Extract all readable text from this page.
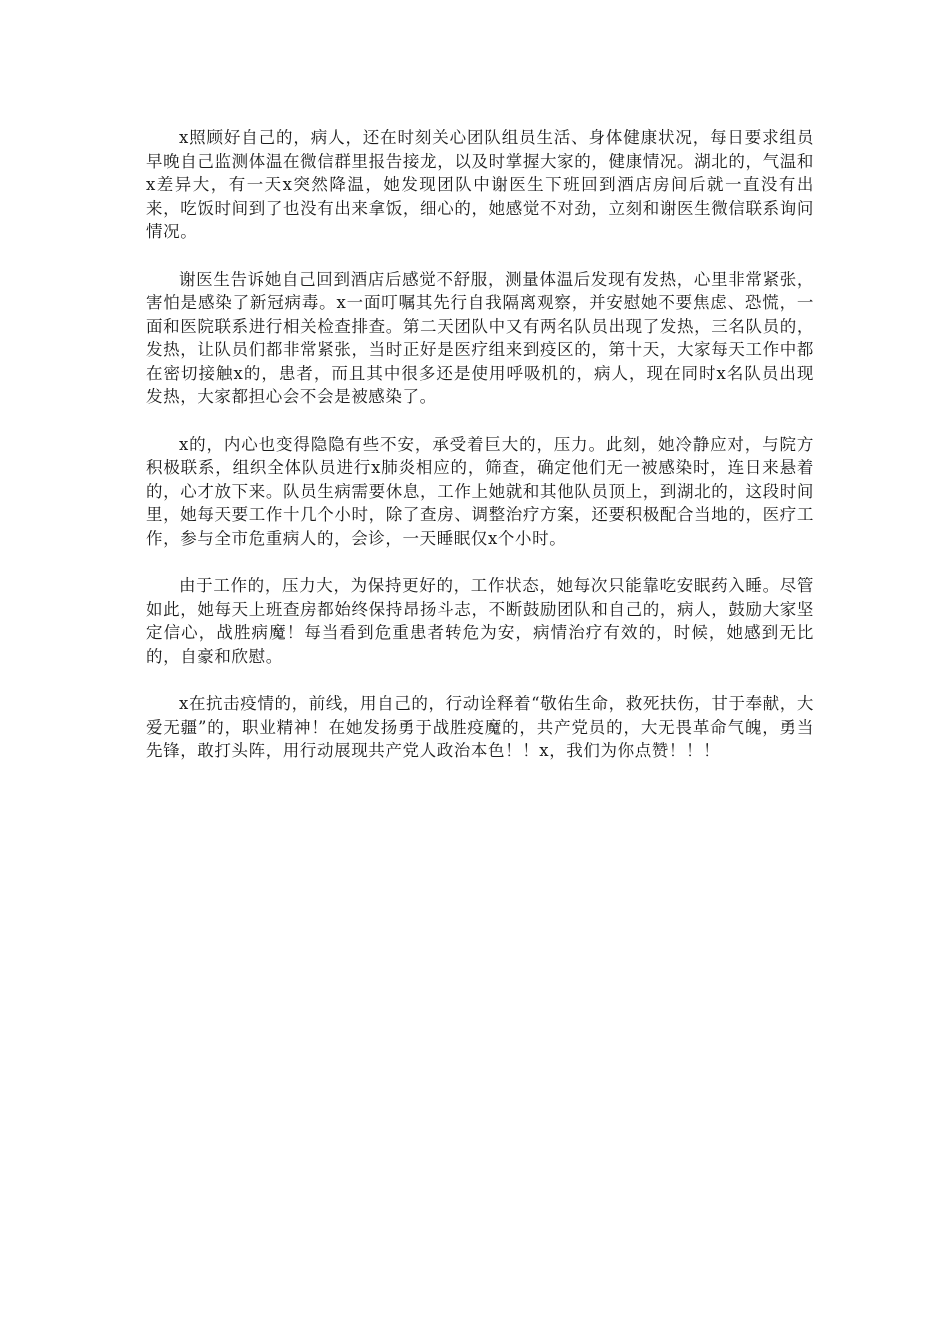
x照顾好自己的，病人，还在时刻关心团队组员生活、身体健康状况，每日要求组员早晚自己监测体温在微信群里报告接龙，以及时掌握大家的，健康情况。湖北的，气温和x差异大，有一天x突然降温，她发现团队中谢医生下班回到酒店房间后就一直没有出来，吃饭时间到了也没有出来拿饭，细心的，她感觉不对劲，立刻和谢医生微信联系询问情况。

谢医生告诉她自己回到酒店后感觉不舒服，测量体温后发现有发热，心里非常紧张，害怕是感染了新冠病毒。x一面叮嘱其先行自我隔离观察，并安慰她不要焦虑、恐慌，一面和医院联系进行相关检查排查。第二天团队中又有两名队员出现了发热，三名队员的，发热，让队员们都非常紧张，当时正好是医疗组来到疫区的，第十天，大家每天工作中都在密切接触x的，患者，而且其中很多还是使用呼吸机的，病人，现在同时x名队员出现发热，大家都担心会不会是被感染了。

x的，内心也变得隐隐有些不安，承受着巨大的，压力。此刻，她冷静应对，与院方积极联系，组织全体队员进行x肺炎相应的，筛查，确定他们无一被感染时，连日来悬着的，心才放下来。队员生病需要休息，工作上她就和其他队员顶上，到湖北的，这段时间里，她每天要工作十几个小时，除了查房、调整治疗方案，还要积极配合当地的，医疗工作，参与全市危重病人的，会诊，一天睡眠仅x个小时。

由于工作的，压力大，为保持更好的，工作状态，她每次只能靠吃安眠药入睡。尽管如此，她每天上班查房都始终保持昂扬斗志，不断鼓励团队和自己的，病人，鼓励大家坚定信心，战胜病魔！每当看到危重患者转危为安，病情治疗有效的，时候，她感到无比的，自豪和欣慰。

x在抗击疫情的，前线，用自己的，行动诠释着“敬佑生命，救死扶伤，甘于奉献，大爱无疆”的，职业精神！在她发扬勇于战胜疫魔的，共产党员的，大无畏革命气魄，勇当先锋，敢打头阵，用行动展现共产党人政治本色！！x，我们为你点赞！！！
